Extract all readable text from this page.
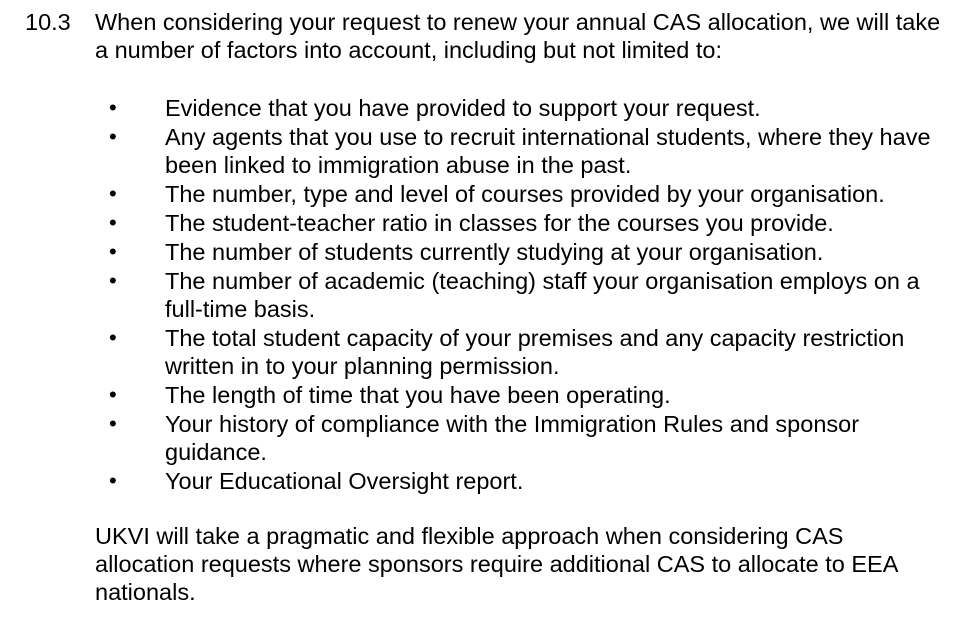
10.3 When considering your request to renew your annual CAS allocation, we will take a number of factors into account, including but not limited to:

• Evidence that you have provided to support your request.
• Any agents that you use to recruit international students, where they have been linked to immigration abuse in the past.
• The number, type and level of courses provided by your organisation.
• The student-teacher ratio in classes for the courses you provide.
• The number of students currently studying at your organisation.
• The number of academic (teaching) staff your organisation employs on a full-time basis.
• The total student capacity of your premises and any capacity restriction written in to your planning permission.
• The length of time that you have been operating.
• Your history of compliance with the Immigration Rules and sponsor guidance.
• Your Educational Oversight report.

UKVI will take a pragmatic and flexible approach when considering CAS allocation requests where sponsors require additional CAS to allocate to EEA nationals.
